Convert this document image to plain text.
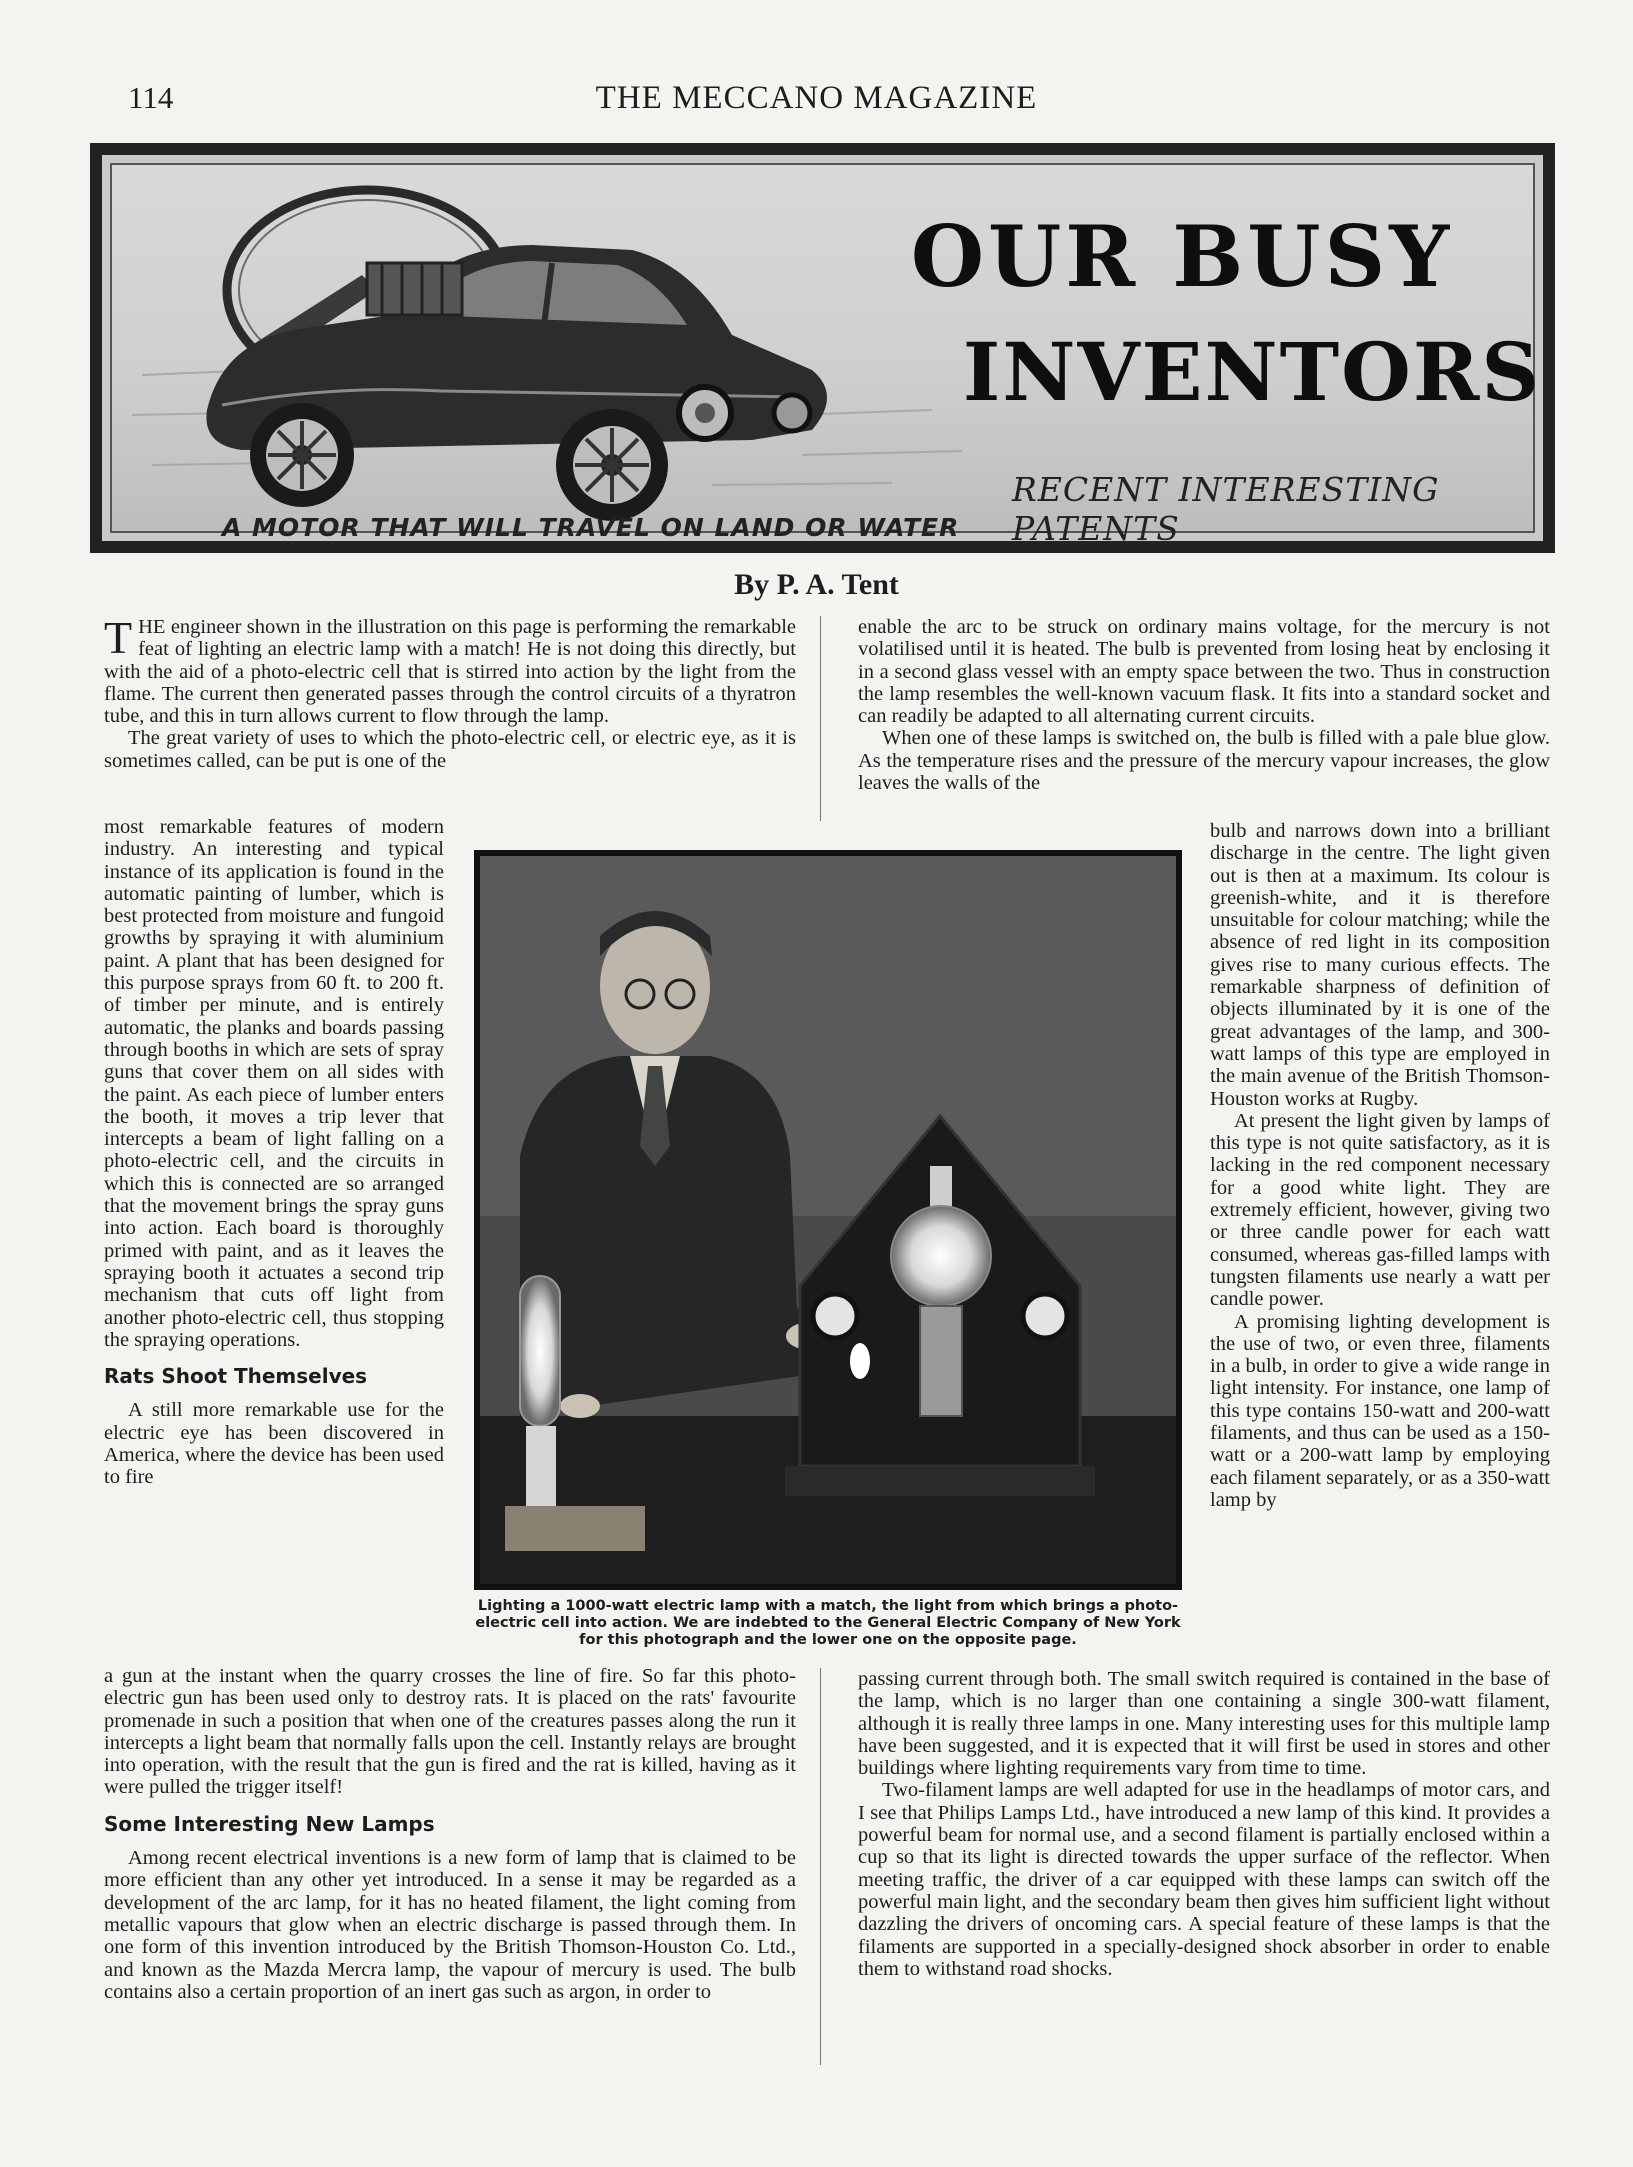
114	THE MECCANO MAGAZINE
OUR BUSY
INVENTORS
RECENT INTERESTING PATENTS
A MOTOR THAT WILL TRAVEL ON LAND OR WATER
By P. A. Tent

THE engineer shown in the illustration on this page is performing the remarkable feat of lighting an electric lamp with a match! He is not doing this directly, but with the aid of a photo-electric cell that is stirred into action by the light from the flame. The current then generated passes through the control circuits of a thyratron tube, and this in turn allows current to flow through the lamp.

The great variety of uses to which the photo-electric cell, or electric eye, as it is sometimes called, can be put is one of the

most remarkable features of modern industry. An interesting and typical instance of its application is found in the automatic painting of lumber, which is best protected from moisture and fungoid growths by spraying it with aluminium paint. A plant that has been designed for this purpose sprays from 60 ft. to 200 ft. of timber per minute, and is entirely automatic, the planks and boards passing through booths in which are sets of spray guns that cover them on all sides with the paint. As each piece of lumber enters the booth, it moves a trip lever that intercepts a beam of light falling on a photo-electric cell, and the circuits in which this is connected are so arranged that the movement brings the spray guns into action. Each board is thoroughly primed with paint, and as it leaves the spraying booth it actuates a second trip mechanism that cuts off light from another photo-electric cell, thus stopping the spraying operations.

Rats Shoot Themselves

A still more remarkable use for the electric eye has been discovered in America, where the device has been used to fire

a gun at the instant when the quarry crosses the line of fire. So far this photo-electric gun has been used only to destroy rats. It is placed on the rats' favourite promenade in such a position that when one of the creatures passes along the run it intercepts a light beam that normally falls upon the cell. Instantly relays are brought into operation, with the result that the gun is fired and the rat is killed, having as it were pulled the trigger itself!

Some Interesting New Lamps

Among recent electrical inventions is a new form of lamp that is claimed to be more efficient than any other yet introduced. In a sense it may be regarded as a development of the arc lamp, for it has no heated filament, the light coming from metallic vapours that glow when an electric discharge is passed through them. In one form of this invention introduced by the British Thomson-Houston Co. Ltd., and known as the Mazda Mercra lamp, the vapour of mercury is used. The bulb contains also a certain proportion of an inert gas such as argon, in order to

enable the arc to be struck on ordinary mains voltage, for the mercury is not volatilised until it is heated. The bulb is prevented from losing heat by enclosing it in a second glass vessel with an empty space between the two. Thus in construction the lamp resembles the well-known vacuum flask. It fits into a standard socket and can readily be adapted to all alternating current circuits.

When one of these lamps is switched on, the bulb is filled with a pale blue glow. As the temperature rises and the pressure of the mercury vapour increases, the glow leaves the walls of the

bulb and narrows down into a brilliant discharge in the centre. The light given out is then at a maximum. Its colour is greenish-white, and it is therefore unsuitable for colour matching; while the absence of red light in its composition gives rise to many curious effects. The remarkable sharpness of definition of objects illuminated by it is one of the great advantages of the lamp, and 300-watt lamps of this type are employed in the main avenue of the British Thomson-Houston works at Rugby.

At present the light given by lamps of this type is not quite satisfactory, as it is lacking in the red component necessary for a good white light. They are extremely efficient, however, giving two or three candle power for each watt consumed, whereas gas-filled lamps with tungsten filaments use nearly a watt per candle power.

A promising lighting development is the use of two, or even three, filaments in a bulb, in order to give a wide range in light intensity. For instance, one lamp of this type contains 150-watt and 200-watt filaments, and thus can be used as a 150-watt or a 200-watt lamp by employing each filament separately, or as a 350-watt lamp by

passing current through both. The small switch required is contained in the base of the lamp, which is no larger than one containing a single 300-watt filament, although it is really three lamps in one. Many interesting uses for this multiple lamp have been suggested, and it is expected that it will first be used in stores and other buildings where lighting requirements vary from time to time.

Two-filament lamps are well adapted for use in the headlamps of motor cars, and I see that Philips Lamps Ltd., have introduced a new lamp of this kind. It provides a powerful beam for normal use, and a second filament is partially enclosed within a cup so that its light is directed towards the upper surface of the reflector. When meeting traffic, the driver of a car equipped with these lamps can switch off the powerful main light, and the secondary beam then gives him sufficient light without dazzling the drivers of oncoming cars. A special feature of these lamps is that the filaments are supported in a specially-designed shock absorber in order to enable them to withstand road shocks.

Lighting a 1000-watt electric lamp with a match, the light from which brings a photo-electric cell into action. We are indebted to the General Electric Company of New York for this photograph and the lower one on the opposite page.
